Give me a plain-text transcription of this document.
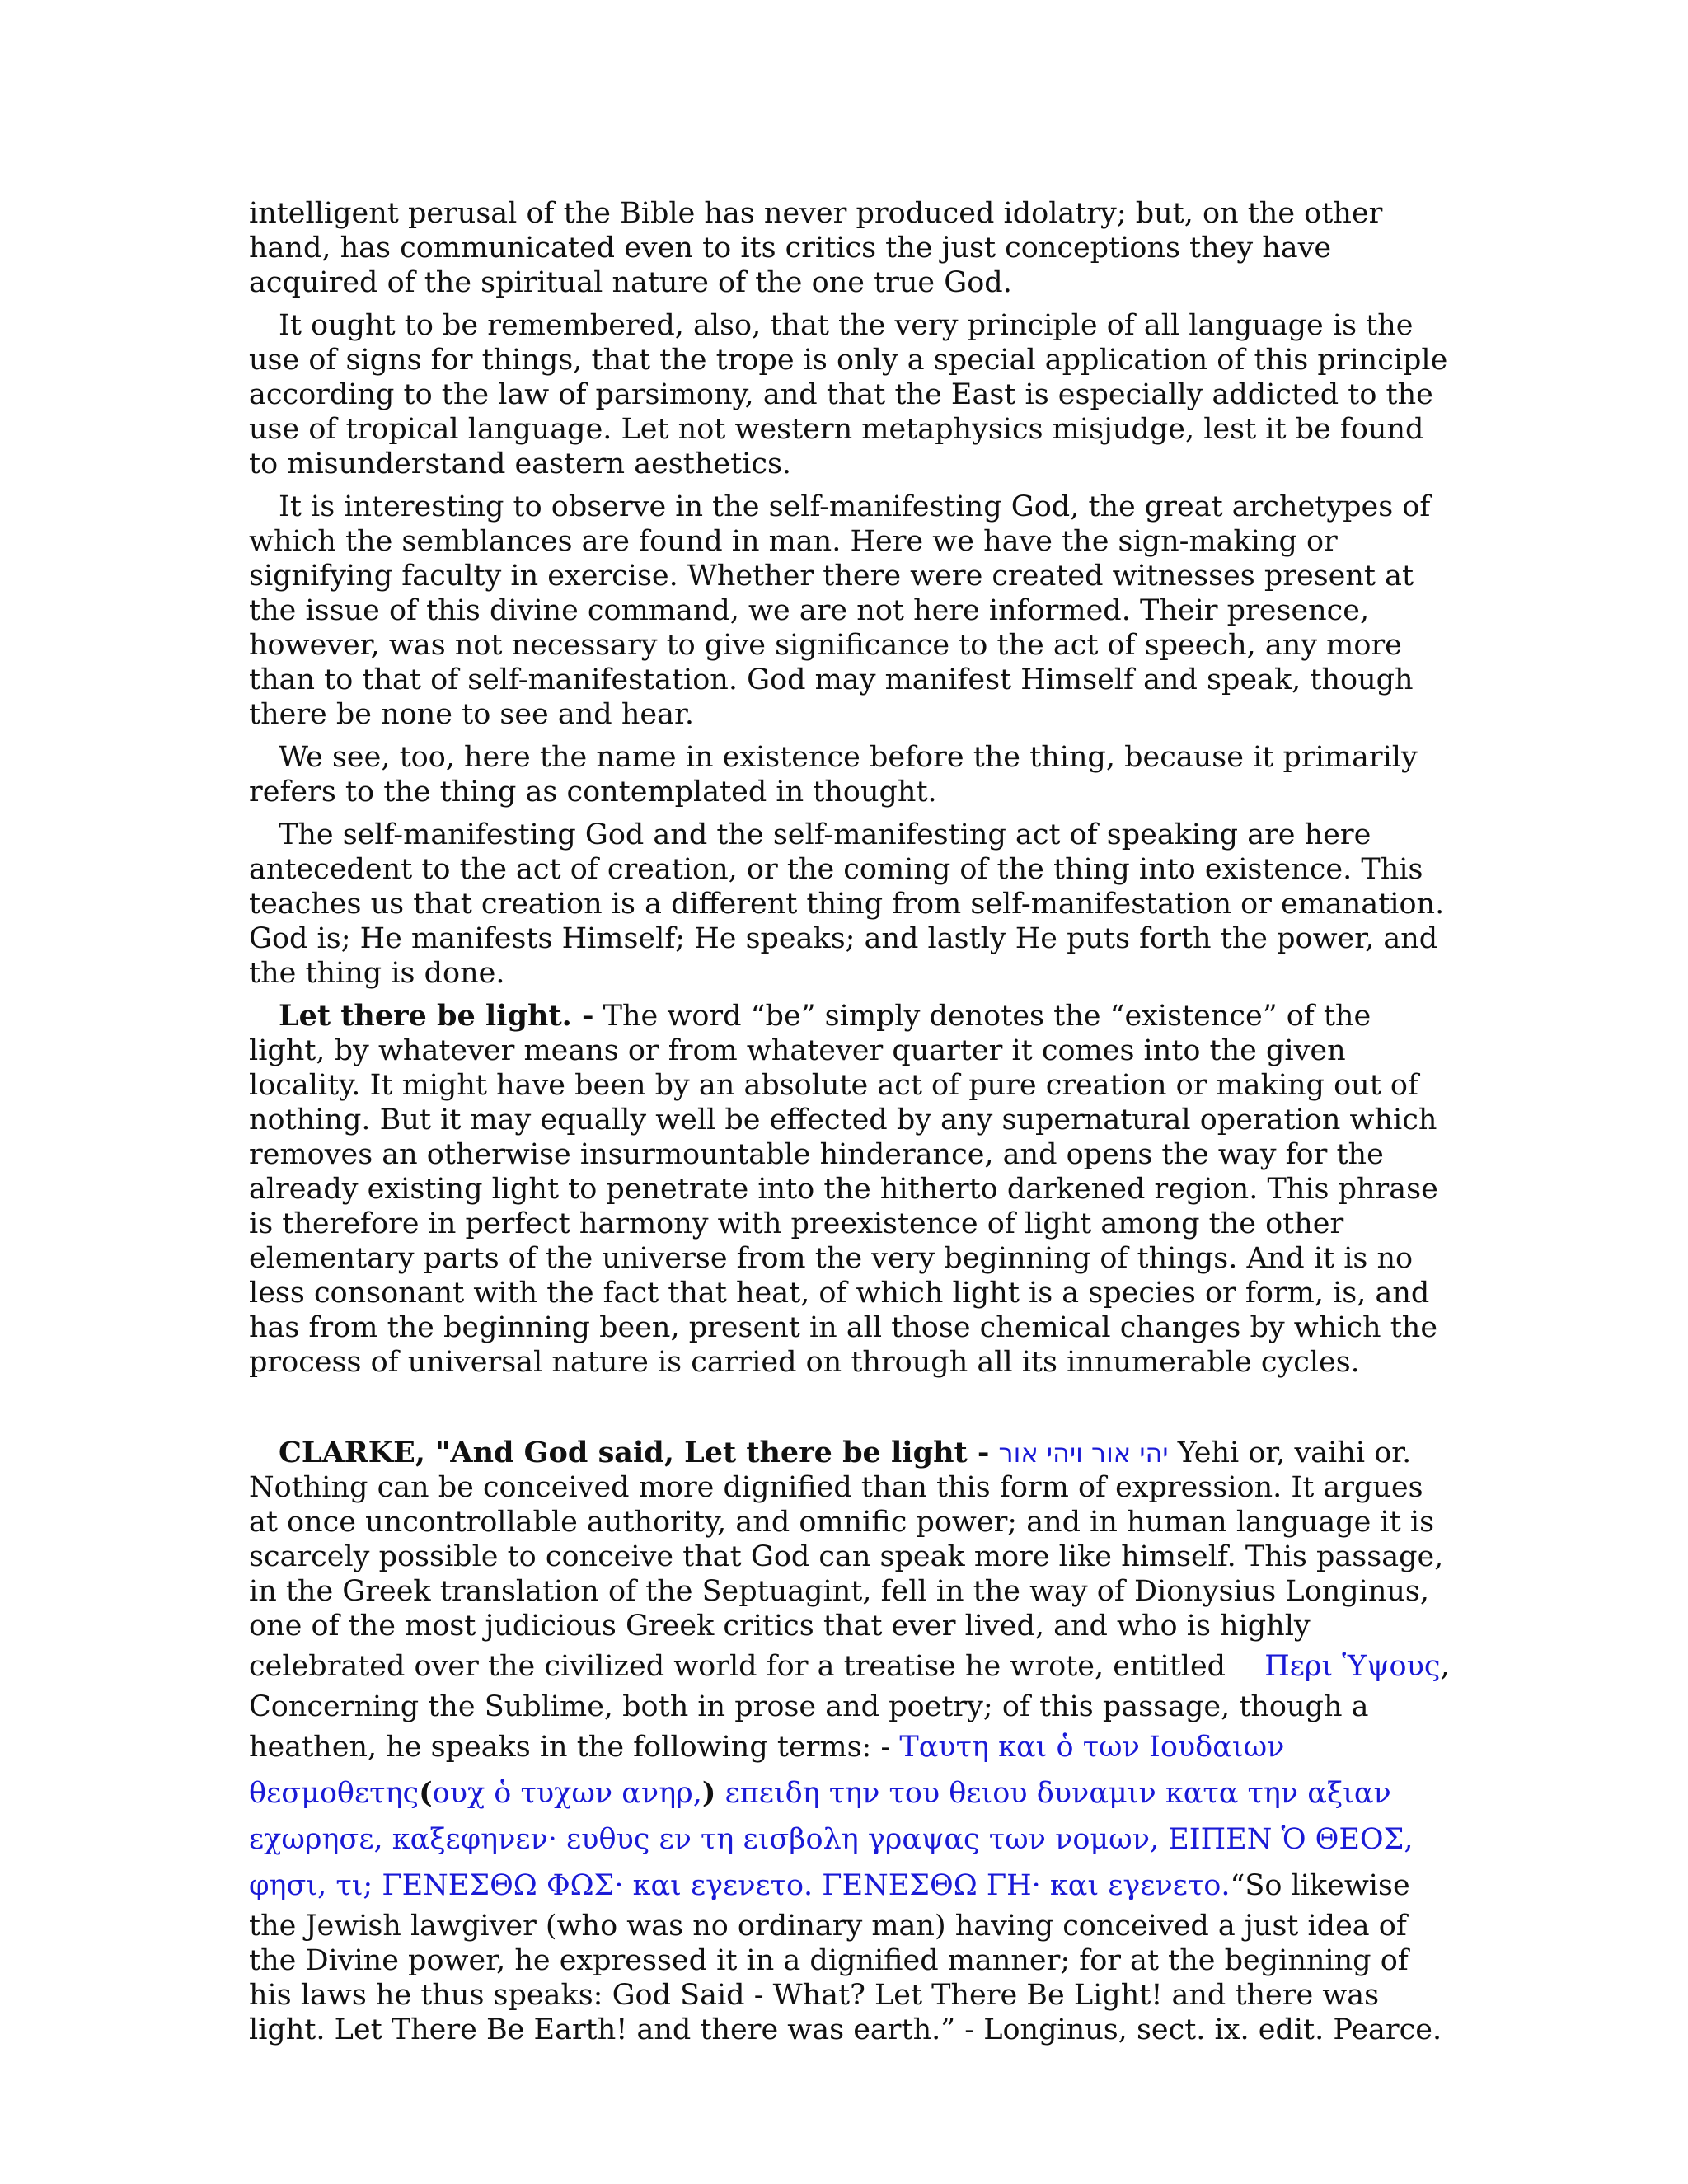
intelligent perusal of the Bible has never produced idolatry; but, on the other hand, has communicated even to its critics the just conceptions they have acquired of the spiritual nature of the one true God.

It ought to be remembered, also, that the very principle of all language is the use of signs for things, that the trope is only a special application of this principle according to the law of parsimony, and that the East is especially addicted to the use of tropical language. Let not western metaphysics misjudge, lest it be found to misunderstand eastern aesthetics.

It is interesting to observe in the self-manifesting God, the great archetypes of which the semblances are found in man. Here we have the sign-making or signifying faculty in exercise. Whether there were created witnesses present at the issue of this divine command, we are not here informed. Their presence, however, was not necessary to give significance to the act of speech, any more than to that of self-manifestation. God may manifest Himself and speak, though there be none to see and hear.

We see, too, here the name in existence before the thing, because it primarily refers to the thing as contemplated in thought.

The self-manifesting God and the self-manifesting act of speaking are here antecedent to the act of creation, or the coming of the thing into existence. This teaches us that creation is a different thing from self-manifestation or emanation. God is; He manifests Himself; He speaks; and lastly He puts forth the power, and the thing is done.

Let there be light. - The word “be” simply denotes the “existence” of the light, by whatever means or from whatever quarter it comes into the given locality. It might have been by an absolute act of pure creation or making out of nothing. But it may equally well be effected by any supernatural operation which removes an otherwise insurmountable hinderance, and opens the way for the already existing light to penetrate into the hitherto darkened region. This phrase is therefore in perfect harmony with preexistence of light among the other elementary parts of the universe from the very beginning of things. And it is no less consonant with the fact that heat, of which light is a species or form, is, and has from the beginning been, present in all those chemical changes by which the process of universal nature is carried on through all its innumerable cycles.

CLARKE, "And God said, Let there be light - יהי אור ויהי אור Yehi or, vaihi or. Nothing can be conceived more dignified than this form of expression. It argues at once uncontrollable authority, and omnific power; and in human language it is scarcely possible to conceive that God can speak more like himself. This passage, in the Greek translation of the Septuagint, fell in the way of Dionysius Longinus, one of the most judicious Greek critics that ever lived, and who is highly celebrated over the civilized world for a treatise he wrote, entitled Περι Ὑψους, Concerning the Sublime, both in prose and poetry; of this passage, though a heathen, he speaks in the following terms: - Ταυτη και ὁ των Ιουδαιων θεσμοθετης(ουχ ὁ τυχων ανηρ,) επειδη την του θειου δυναμιν κατα την αξιαν εχωρησε, καξεφηνεν· ευθυς εν τη εισβολη γραψας των νομων, ΕΙΠΕΝ Ὁ ΘΕΟΣ, φησι, τι; ΓΕΝΕΣΘΩ ΦΩΣ· και εγενετο. ΓΕΝΕΣΘΩ ΓΗ· και εγενετο.“So likewise the Jewish lawgiver (who was no ordinary man) having conceived a just idea of the Divine power, he expressed it in a dignified manner; for at the beginning of his laws he thus speaks: God Said - What? Let There Be Light! and there was light. Let There Be Earth! and there was earth.” - Longinus, sect. ix. edit. Pearce.
